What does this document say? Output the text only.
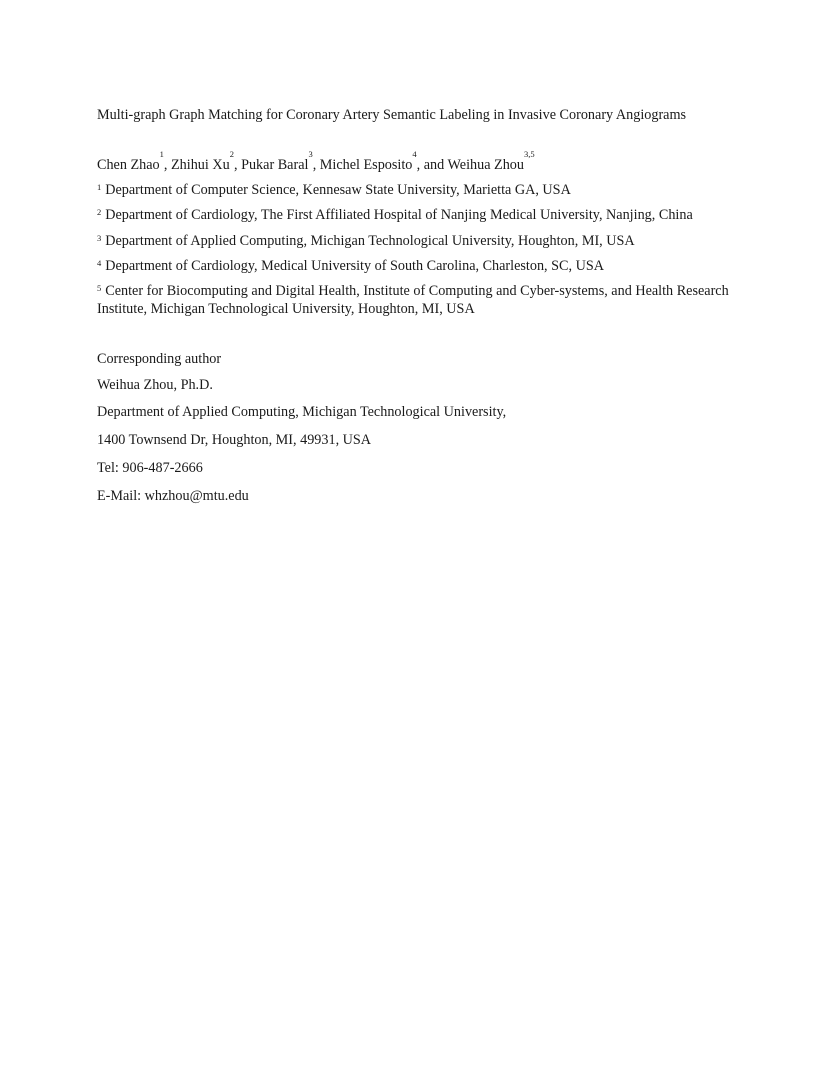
Multi-graph Graph Matching for Coronary Artery Semantic Labeling in Invasive Coronary Angiograms
Chen Zhao$^1$, Zhihui Xu$^2$, Pukar Baral$^3$, Michel Esposito$^4$, and Weihua Zhou$^{3,5}$
$^1$ Department of Computer Science, Kennesaw State University, Marietta GA, USA
$^2$ Department of Cardiology, The First Affiliated Hospital of Nanjing Medical University, Nanjing, China
$^3$ Department of Applied Computing, Michigan Technological University, Houghton, MI, USA
$^4$ Department of Cardiology, Medical University of South Carolina, Charleston, SC, USA
$^5$ Center for Biocomputing and Digital Health, Institute of Computing and Cyber-systems, and Health Research Institute, Michigan Technological University, Houghton, MI, USA
Corresponding author
Weihua Zhou, Ph.D.
Department of Applied Computing, Michigan Technological University,
1400 Townsend Dr, Houghton, MI, 49931, USA
Tel: 906-487-2666
E-Mail: whzhou@mtu.edu
